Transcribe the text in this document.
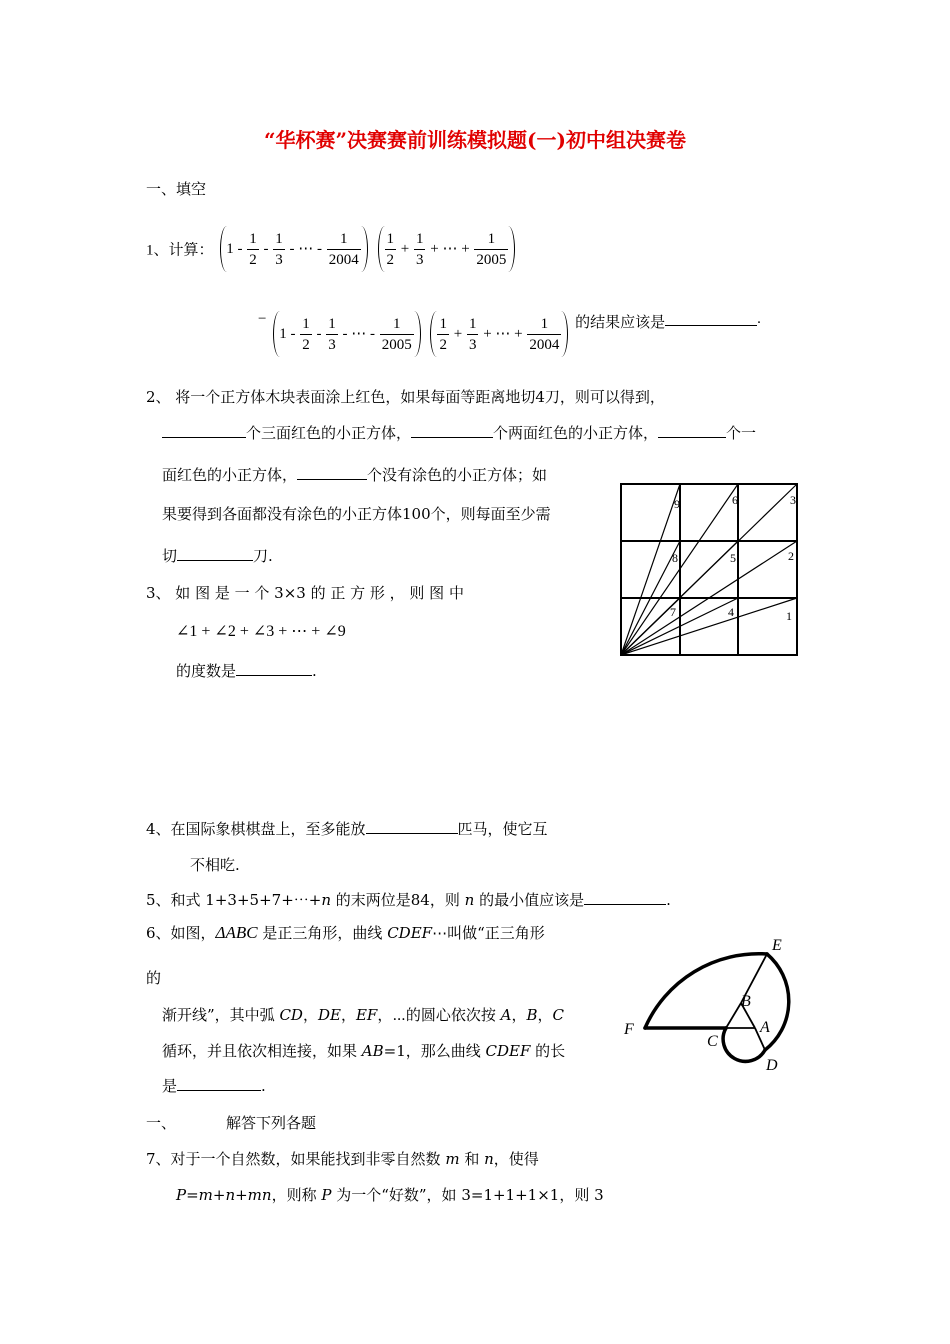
“华杯赛”决赛赛前训练模拟题(一)初中组决赛卷
一、填空
1、计算： $1 - \frac{1}{2} - \frac{1}{3}$ - ⋯ - $\frac{1}{2004}$
$\frac{1}{2} + \frac{1}{3}$ + ⋯ + $\frac{1}{2005}$
− $1 - \frac{1}{2} - \frac{1}{3}$ - ⋯ - $\frac{1}{2005}$
$\frac{1}{2} + \frac{1}{3}$ + ⋯ + $\frac{1}{2004}$ 的结果应该是	.
2、 将一个正方体木块表面涂上红色，如果每面等距离地切4刀，则可以得到，
个三面红色的小正方体，	个两面红色的小正方体，	个一
面红色的小正方体，	个没有涂色的小正方体；如
果要得到各面都没有涂色的小正方体100个，则每面至少需
切	刀.
3、 如 图 是 一 个 3×3 的 正 方 形 ， 则 图 中
∠1 + ∠2 + ∠3 + ⋯ + ∠9
的度数是	.
9	6	3
8	5	2
7	4	1
4、在国际象棋棋盘上，至多能放	匹马，使它互
不相吃.
5、和式 1+3+5+7+⋯+n 的末两位是84，则 n 的最小值应该是	.
6、如图，ΔABC 是正三角形，曲线 CDEF⋯叫做“正三角形
的
渐开线”，其中弧 CD，DE，EF，⋯的圆心依次按 A，B，C
循环，并且依次相连接，如果 AB=1，那么曲线 CDEF 的长
是	.
E
B
A
F
C
D
一、	解答下列各题
7、对于一个自然数，如果能找到非零自然数 m 和 n，使得
P=m+n+mn，则称 P 为一个“好数”，如 3=1+1+1×1，则 3
